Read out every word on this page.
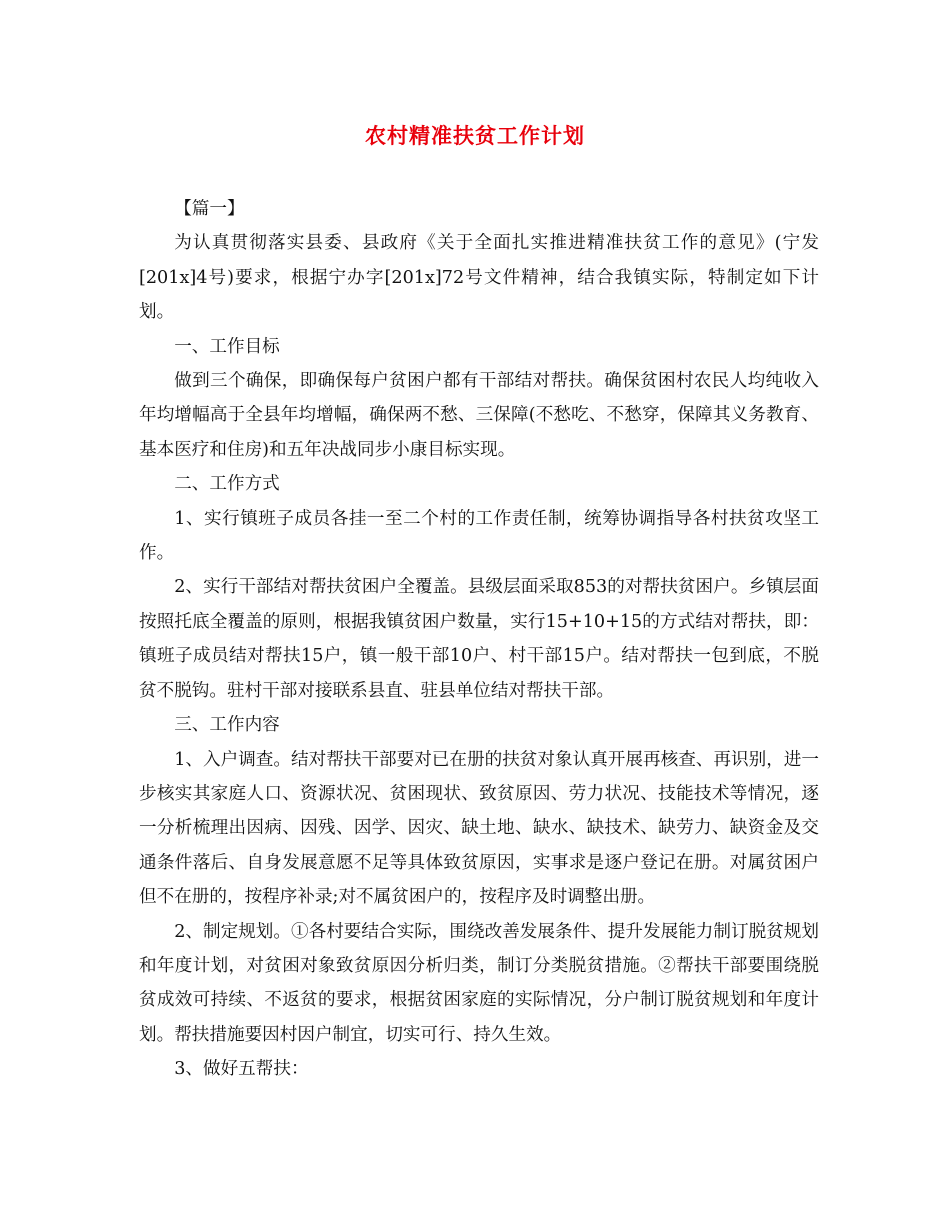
农村精准扶贫工作计划

【篇一】

为认真贯彻落实县委、县政府《关于全面扎实推进精准扶贫工作的意见》(宁发[201x]4号)要求，根据宁办字[201x]72号文件精神，结合我镇实际，特制定如下计划。

一、工作目标

做到三个确保，即确保每户贫困户都有干部结对帮扶。确保贫困村农民人均纯收入年均增幅高于全县年均增幅，确保两不愁、三保障(不愁吃、不愁穿，保障其义务教育、基本医疗和住房)和五年决战同步小康目标实现。

二、工作方式

1、实行镇班子成员各挂一至二个村的工作责任制，统筹协调指导各村扶贫攻坚工作。

2、实行干部结对帮扶贫困户全覆盖。县级层面采取853的对帮扶贫困户。乡镇层面按照托底全覆盖的原则，根据我镇贫困户数量，实行15+10+15的方式结对帮扶，即：镇班子成员结对帮扶15户，镇一般干部10户、村干部15户。结对帮扶一包到底，不脱贫不脱钩。驻村干部对接联系县直、驻县单位结对帮扶干部。

三、工作内容

1、入户调查。结对帮扶干部要对已在册的扶贫对象认真开展再核查、再识别，进一步核实其家庭人口、资源状况、贫困现状、致贫原因、劳力状况、技能技术等情况，逐一分析梳理出因病、因残、因学、因灾、缺土地、缺水、缺技术、缺劳力、缺资金及交通条件落后、自身发展意愿不足等具体致贫原因，实事求是逐户登记在册。对属贫困户但不在册的，按程序补录;对不属贫困户的，按程序及时调整出册。

2、制定规划。①各村要结合实际，围绕改善发展条件、提升发展能力制订脱贫规划和年度计划，对贫困对象致贫原因分析归类，制订分类脱贫措施。②帮扶干部要围绕脱贫成效可持续、不返贫的要求，根据贫困家庭的实际情况，分户制订脱贫规划和年度计划。帮扶措施要因村因户制宜，切实可行、持久生效。

3、做好五帮扶：
